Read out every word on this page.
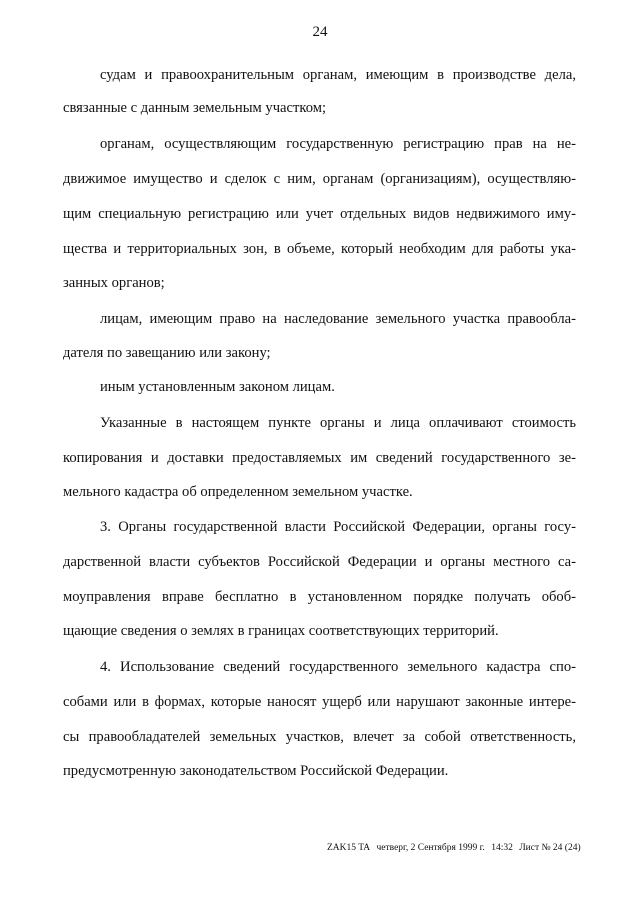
24
судам и правоохранительным органам, имеющим в производстве дела,
связанные с данным земельным участком;
органам, осуществляющим государственную регистрацию прав на не-
движимое имущество и сделок с ним, органам (организациям), осуществляю-
щим специальную регистрацию или учет отдельных видов недвижимого иму-
щества и территориальных зон, в объеме, который необходим для работы ука-
занных органов;
лицам, имеющим право на наследование земельного участка правообла-
дателя по завещанию или закону;
иным установленным законом лицам.
Указанные в настоящем пункте органы и лица оплачивают стоимость
копирования и доставки предоставляемых им сведений государственного зе-
мельного кадастра об определенном земельном участке.
3. Органы государственной власти Российской Федерации, органы госу-
дарственной власти субъектов Российской Федерации и органы местного са-
моуправления вправе бесплатно в установленном порядке получать обоб-
щающие сведения о землях в границах соответствующих территорий.
4. Использование сведений государственного земельного кадастра спо-
собами или в формах, которые наносят ущерб или нарушают законные интере-
сы правообладателей земельных участков, влечет за собой ответственность,
предусмотренную законодательством Российской Федерации.
ZAK15 TA четверг, 2 Сентября 1999 г. 14:32 Лист № 24 (24)
